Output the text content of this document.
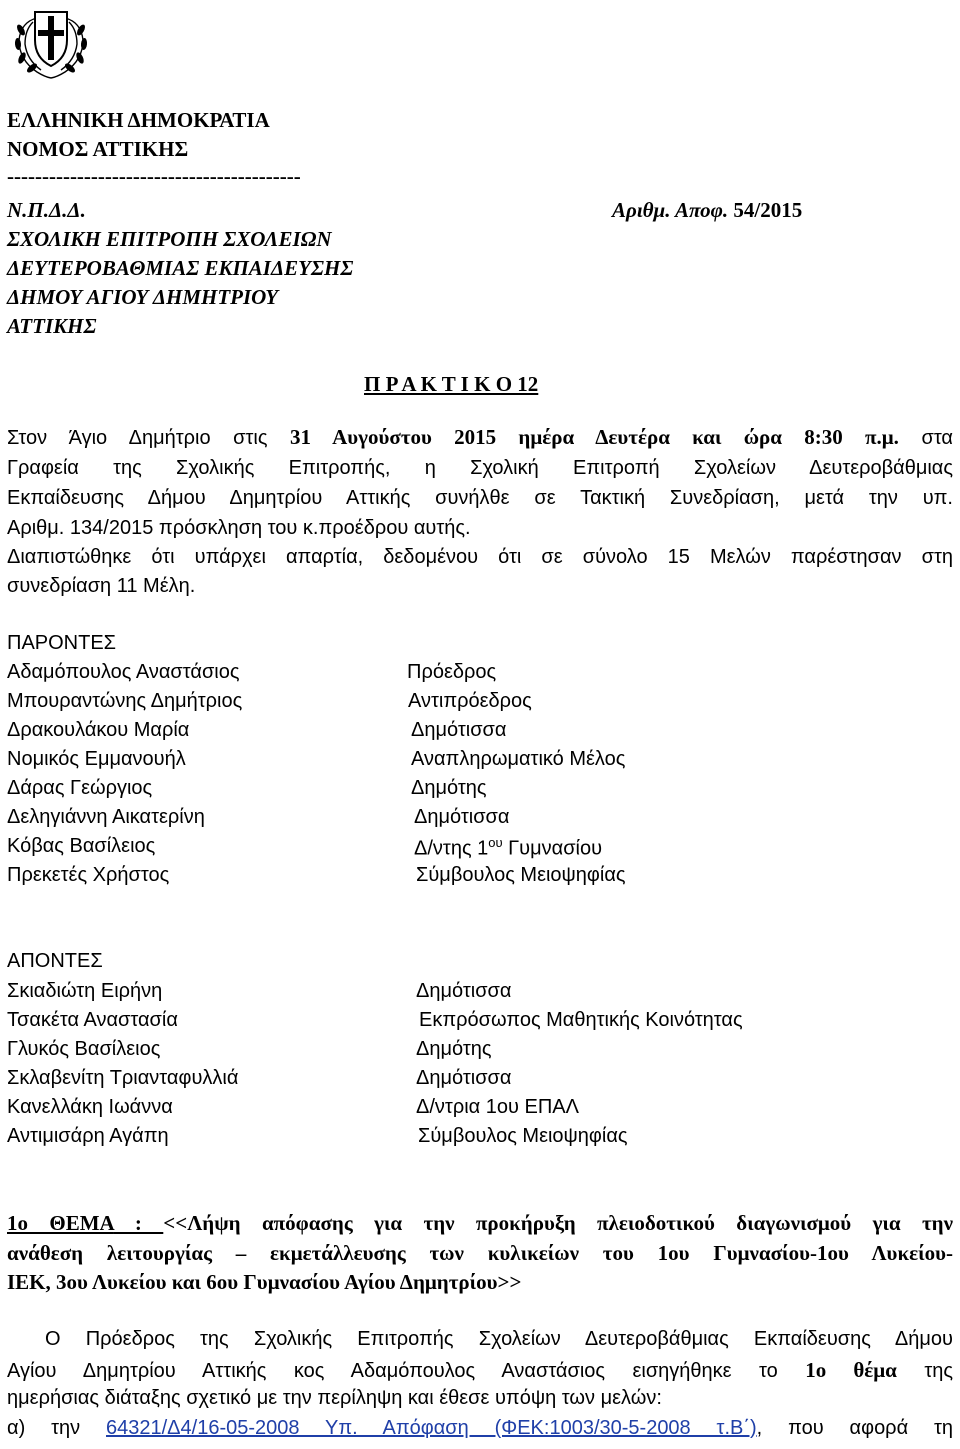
ΕΛΛΗΝΙΚΗ ΔΗΜΟΚΡΑΤΙΑ
ΝΟΜΟΣ ΑΤΤΙΚΗΣ
------------------------------------------
Ν.Π.Δ.Δ.	Αριθμ. Αποφ. 54/2015
ΣΧΟΛΙΚΗ ΕΠΙΤΡΟΠΗ ΣΧΟΛΕΙΩΝ
ΔΕΥΤΕΡΟΒΑΘΜΙΑΣ ΕΚΠΑΙΔΕΥΣΗΣ
ΔΗΜΟΥ ΑΓΙΟΥ ΔΗΜΗΤΡΙΟΥ
ΑΤΤΙΚΗΣ
Π Ρ Α Κ Τ Ι Κ Ο 12
Στον Άγιο Δημήτριο στις 31 Αυγούστου 2015 ημέρα Δευτέρα και ώρα 8:30 π.μ. στα
Γραφεία της Σχολικής Επιτροπής, η Σχολική Επιτροπή Σχολείων Δευτεροβάθμιας
Εκπαίδευσης Δήμου Δημητρίου Αττικής συνήλθε σε Τακτική Συνεδρίαση, μετά την υπ.
Αριθμ. 134/2015 πρόσκληση του κ.προέδρου αυτής.
Διαπιστώθηκε ότι υπάρχει απαρτία, δεδομένου ότι σε σύνολο 15 Μελών παρέστησαν στη
συνεδρίαση 11 Μέλη.
ΠΑΡΟΝΤΕΣ
Αδαμόπουλος Αναστάσιος	Πρόεδρος
Μπουραντώνης Δημήτριος	Αντιπρόεδρος
Δρακουλάκου Μαρία	Δημότισσα
Νομικός Εμμανουήλ	Αναπληρωματικό Μέλος
Δάρας Γεώργιος	Δημότης
Δεληγιάννη Αικατερίνη	Δημότισσα
Κόβας Βασίλειος	Δ/ντης $1^{o\upsilon}$ Γυμνασίου
Πρεκετές Χρήστος	Σύμβουλος Μειοψηφίας
ΑΠΟΝΤΕΣ
Σκιαδιώτη Ειρήνη	Δημότισσα
Τσακέτα Αναστασία	Εκπρόσωπος Μαθητικής Κοινότητας
Γλυκός Βασίλειος	Δημότης
Σκλαβενίτη Τριανταφυλλιά	Δημότισσα
Κανελλάκη Ιωάννα	Δ/ντρια 1ου ΕΠΑΛ
Αντιμισάρη Αγάπη	Σύμβουλος Μειοψηφίας
1ο ΘΕΜΑ : <<Λήψη απόφασης για την προκήρυξη πλειοδοτικού διαγωνισμού για την
ανάθεση λειτουργίας – εκμετάλλευσης των κυλικείων του 1ου Γυμνασίου-1ου Λυκείου-
ΙΕΚ, 3ου Λυκείου και 6ου Γυμνασίου Αγίου Δημητρίου>>
Ο Πρόεδρος της Σχολικής Επιτροπής Σχολείων Δευτεροβάθμιας Εκπαίδευσης Δήμου
Αγίου Δημητρίου Αττικής κος Αδαμόπουλος Αναστάσιος εισηγήθηκε το 1ο θέμα της
ημερήσιας διάταξης σχετικό με την περίληψη και έθεσε υπόψη των μελών:
α) την 64321/Δ4/16-05-2008 Υπ. Απόφαση (ΦΕΚ:1003/30-5-2008 τ.Β΄), που αφορά τη
